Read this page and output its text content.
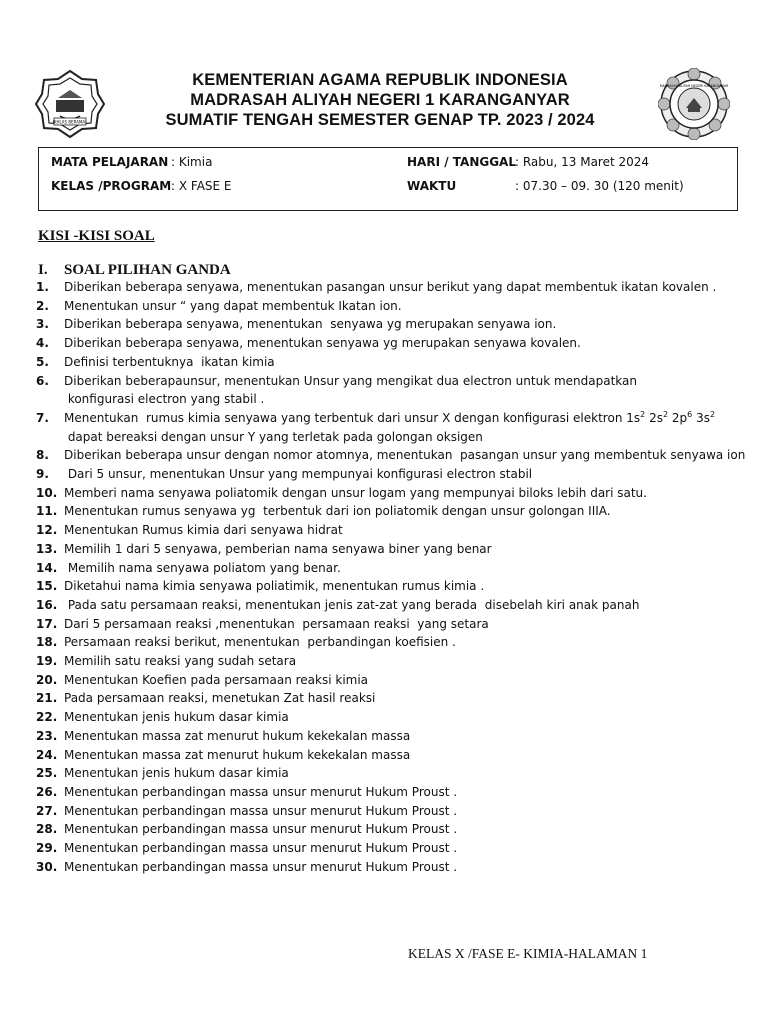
IKHLAS BERAMAL
MADRASAH ALIYAH NEGERI KARANGANYAR
KEMENTERIAN AGAMA REPUBLIK INDONESIA
MADRASAH ALIYAH NEGERI 1 KARANGANYAR
SUMATIF TENGAH SEMESTER GENAP TP. 2023 / 2024
MATA PELAJARAN : Kimia	HARI / TANGGAL : Rabu, 13 Maret 2024
KELAS /PROGRAM : X FASE E	WAKTU	: 07.30 – 09. 30 (120 menit)
KISI -KISI SOAL
I. SOAL PILIHAN GANDA
1.	Diberikan beberapa senyawa, menentukan pasangan unsur berikut yang dapat membentuk ikatan kovalen .
2.	Menentukan unsur “ yang dapat membentuk Ikatan ion.
3.	Diberikan beberapa senyawa, menentukan  senyawa yg merupakan senyawa ion.
4.	Diberikan beberapa senyawa, menentukan senyawa yg merupakan senyawa kovalen.
5.	Definisi terbentuknya  ikatan kimia
6.	Diberikan beberapaunsur, menentukan Unsur yang mengikat dua electron untuk mendapatkan
konfigurasi electron yang stabil .
7.	Menentukan  rumus kimia senyawa yang terbentuk dari unsur X dengan konfigurasi elektron $1s^2$ $2s^2$ $2p^6$ $3s^2$
dapat bereaksi dengan unsur Y yang terletak pada golongan oksigen
8.	Diberikan beberapa unsur dengan nomor atomnya, menentukan  pasangan unsur yang membentuk senyawa ion
9.	Dari 5 unsur, menentukan Unsur yang mempunyai konfigurasi electron stabil
10. Memberi nama senyawa poliatomik dengan unsur logam yang mempunyai biloks lebih dari satu.
11. Menentukan rumus senyawa yg  terbentuk dari ion poliatomik dengan unsur golongan IIIA.
12. Menentukan Rumus kimia dari senyawa hidrat
13. Memilih 1 dari 5 senyawa, pemberian nama senyawa biner yang benar
14. Memilih nama senyawa poliatom yang benar.
15. Diketahui nama kimia senyawa poliatimik, menentukan rumus kimia .
16. Pada satu persamaan reaksi, menentukan jenis zat-zat yang berada  disebelah kiri anak panah
17. Dari 5 persamaan reaksi ,menentukan  persamaan reaksi  yang setara
18. Persamaan reaksi berikut, menentukan  perbandingan koefisien .
19. Memilih satu reaksi yang sudah setara
20. Menentukan Koefien pada persamaan reaksi kimia
21. Pada persamaan reaksi, menetukan Zat hasil reaksi
22. Menentukan jenis hukum dasar kimia
23. Menentukan massa zat menurut hukum kekekalan massa
24. Menentukan massa zat menurut hukum kekekalan massa
25. Menentukan jenis hukum dasar kimia
26. Menentukan perbandingan massa unsur menurut Hukum Proust .
27. Menentukan perbandingan massa unsur menurut Hukum Proust .
28. Menentukan perbandingan massa unsur menurut Hukum Proust .
29. Menentukan perbandingan massa unsur menurut Hukum Proust .
30. Menentukan perbandingan massa unsur menurut Hukum Proust .
KELAS X /FASE E- KIMIA-HALAMAN 1
